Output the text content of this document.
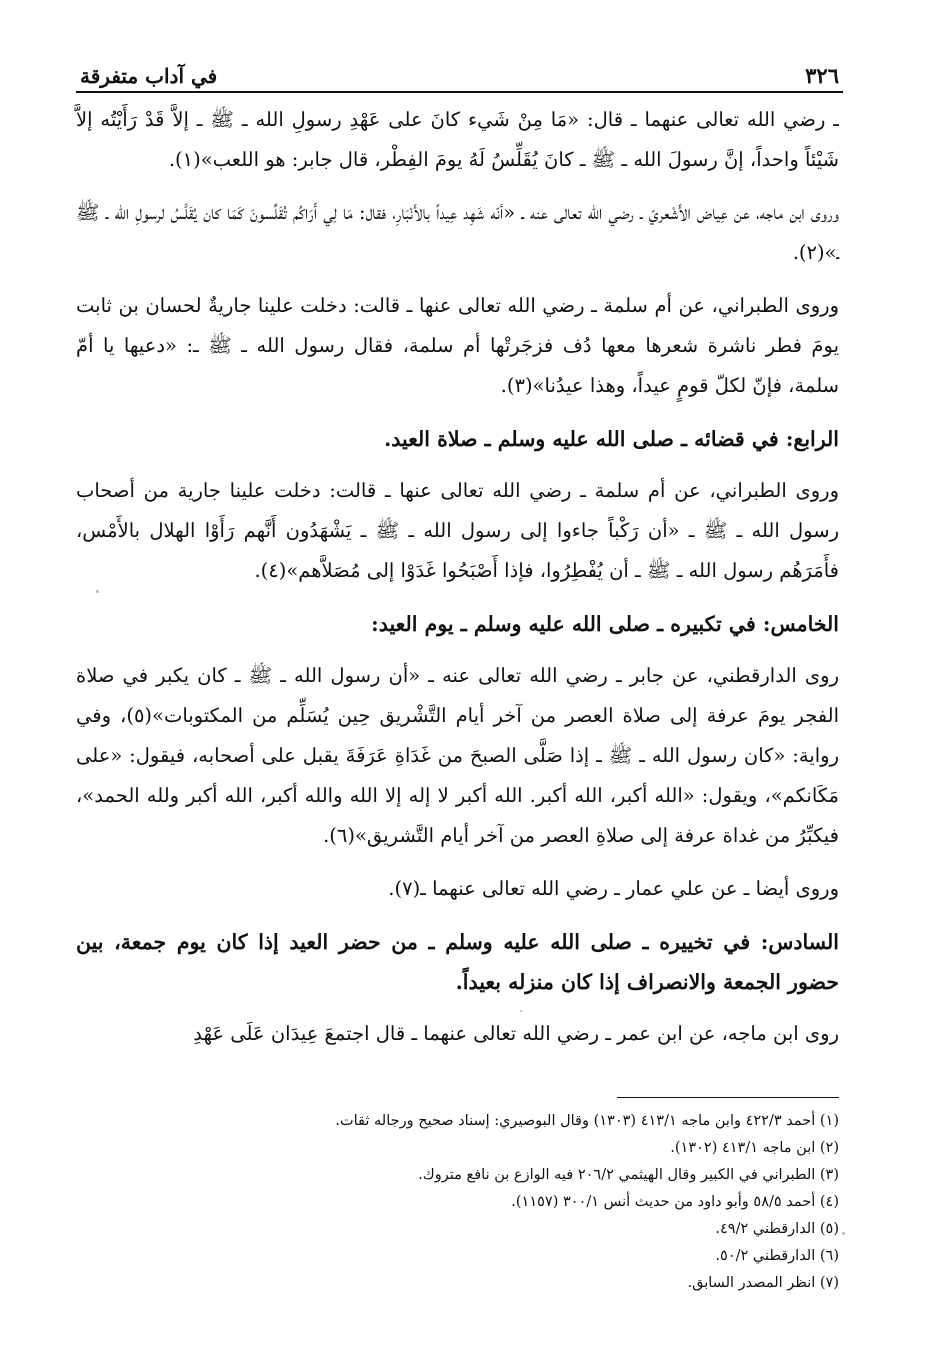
في آداب متفرقة	٣٢٦

ـ رضي الله تعالى عنهما ـ قال: «مَا مِنْ شَيء كانَ على عَهْدِ رسولِ الله ـ ﷺ ـ إلاَّ قَدْ رَأَيْتُه إلاَّ شَيْئاً واحداً، إنَّ رسولَ الله ـ ﷺ ـ كانَ يُقَلِّسُ لَهُ يومَ الفِطْر، قال جابر: هو اللعب»(١).

وروى ابن ماجه، عن عِياض الأَشْعريّ ـ رضي الله تعالى عنه ـ «أنّه شَهِد عِيداً بالأَنْبَارِ، فقال: مَا لِي أَرَاكُم تُقَلِّسونَ كَمَا كان يُقَلَّسُ لرسولِ الله ـ ﷺ ـ»(٢).

وروى الطبراني، عن أم سلمة ـ رضي الله تعالى عنها ـ قالت: دخلت علينا جاريةٌ لحسان بن ثابت يومَ فطر ناشرة شعرها معها دُف فزجَرتْها أم سلمة، فقال رسول الله ـ ﷺ ـ: «دعيها يا أمّ سلمة، فإنّ لكلّ قومٍ عيداً، وهذا عيدُنا»(٣).

الرابع: في قضائه ـ صلى الله عليه وسلم ـ صلاة العيد.

وروى الطبراني، عن أم سلمة ـ رضي الله تعالى عنها ـ قالت: دخلت علينا جارية من أصحاب رسول الله ـ ﷺ ـ «أن رَكْباً جاءوا إلى رسول الله ـ ﷺ ـ يَشْهَدُون أَنَّهم رَأَوْا الهلال بالأَمْس، فأَمَرَهُم رسول الله ـ ﷺ ـ أن يُفْطِرُوا، فإذا أَصْبَحُوا غَدَوْا إلى مُصَلاَّهم»(٤).

الخامس: في تكبيره ـ صلى الله عليه وسلم ـ يوم العيد:

روى الدارقطني، عن جابر ـ رضي الله تعالى عنه ـ «أن رسول الله ـ ﷺ ـ كان يكبر في صلاة الفجر يومَ عرفة إلى صلاة العصر من آخر أيام التَّشْريق حِين يُسَلِّم من المكتوبات»(٥)، وفي رواية: «كان رسول الله ـ ﷺ ـ إذا صَلَّى الصبحَ من غَدَاةِ عَرَفَةَ يقبل على أصحابه، فيقول: «على مَكَانكم»، ويقول: «الله أكبر، الله أكبر. الله أكبر لا إله إلا الله والله أكبر، الله أكبر ولله الحمد»، فيكبِّرُ من غداة عرفة إلى صلاةِ العصر من آخر أيام التَّشريق»(٦).

وروى أيضا ـ عن علي عمار ـ رضي الله تعالى عنهما ـ(٧).

السادس: في تخييره ـ صلى الله عليه وسلم ـ من حضر العيد إذا كان يوم جمعة، بين حضور الجمعة والانصراف إذا كان منزله بعيداً.

روى ابن ماجه، عن ابن عمر ـ رضي الله تعالى عنهما ـ قال اجتمعَ عِيدَان عَلَى عَهْدِ

(١) أحمد ٤٢٢/٣ وابن ماجه ٤١٣/١ (١٣٠٣) وقال البوصيري: إسناد صحيح ورجاله ثقات.
(٢) ابن ماجه ٤١٣/١ (١٣٠٢).
(٣) الطبراني في الكبير وقال الهيثمي ٢٠٦/٢ فيه الوازع بن نافع متروك.
(٤) أحمد ٥٨/٥ وأبو داود من حديث أنس ٣٠٠/١ (١١٥٧).
(٥) الدارقطني ٤٩/٢.
(٦) الدارقطني ٥٠/٢.
(٧) انظر المصدر السابق.
